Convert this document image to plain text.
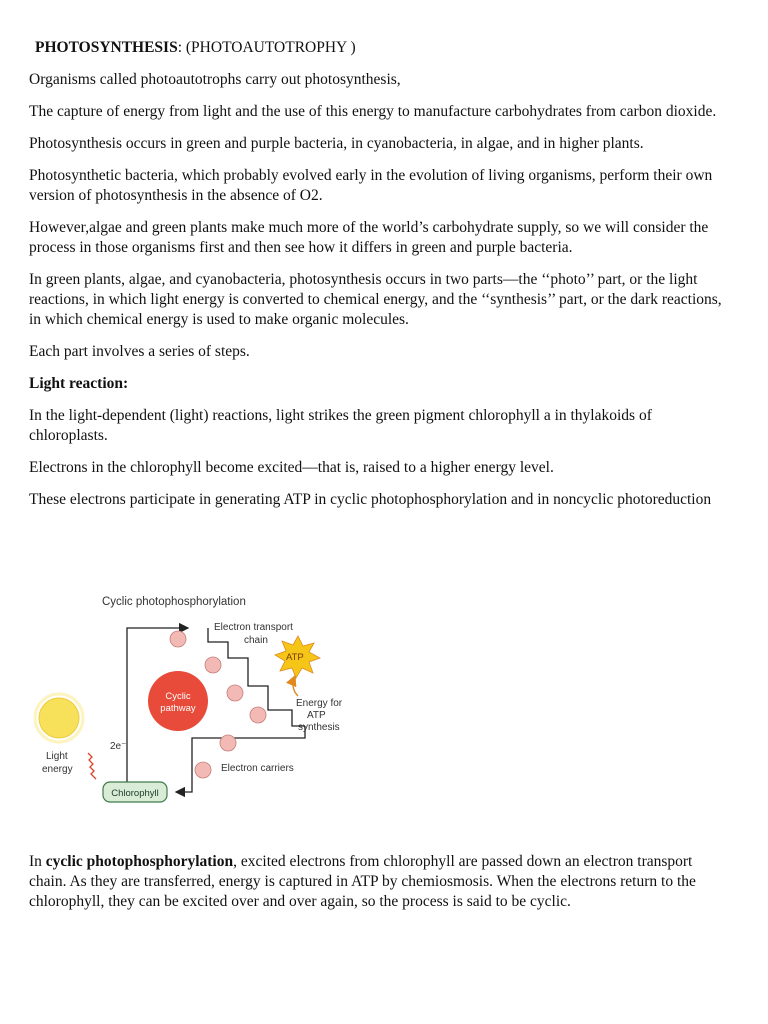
PHOTOSYNTHESIS: (PHOTOAUTOTROPHY )

Organisms called photoautotrophs carry out photosynthesis,

The capture of energy from light and the use of this energy to manufacture carbohydrates from carbon dioxide.

Photosynthesis occurs in green and purple bacteria, in cyanobacteria, in algae, and in higher plants.

Photosynthetic bacteria, which probably evolved early in the evolution of living organisms, perform their own version of photosynthesis in the absence of O2.

However,algae and green plants make much more of the world’s carbohydrate supply, so we will consider the process in those organisms first and then see how it differs in green and purple bacteria.

In green plants, algae, and cyanobacteria, photosynthesis occurs in two parts—the ‘‘photo’’ part, or the light reactions, in which light energy is converted to chemical energy, and the ‘‘synthesis’’ part, or the dark reactions, in which chemical energy is used to make organic molecules.

Each part involves a series of steps.

Light reaction:

In the light-dependent (light) reactions, light strikes the green pigment chlorophyll a in thylakoids of chloroplasts.

Electrons in the chlorophyll become excited—that is, raised to a higher energy level.

These electrons participate in generating ATP in cyclic photophosphorylation and in noncyclic photoreduction

Cyclic photophosphorylation
Electron transport
chain
ATP
Energy for
ATP
synthesis
Cyclic
pathway
Light
energy
2e⁻
Electron carriers
Chlorophyll

In cyclic photophosphorylation, excited electrons from chlorophyll are passed down an electron transport chain. As they are transferred, energy is captured in ATP by chemiosmosis. When the electrons return to the chlorophyll, they can be excited over and over again, so the process is said to be cyclic.
